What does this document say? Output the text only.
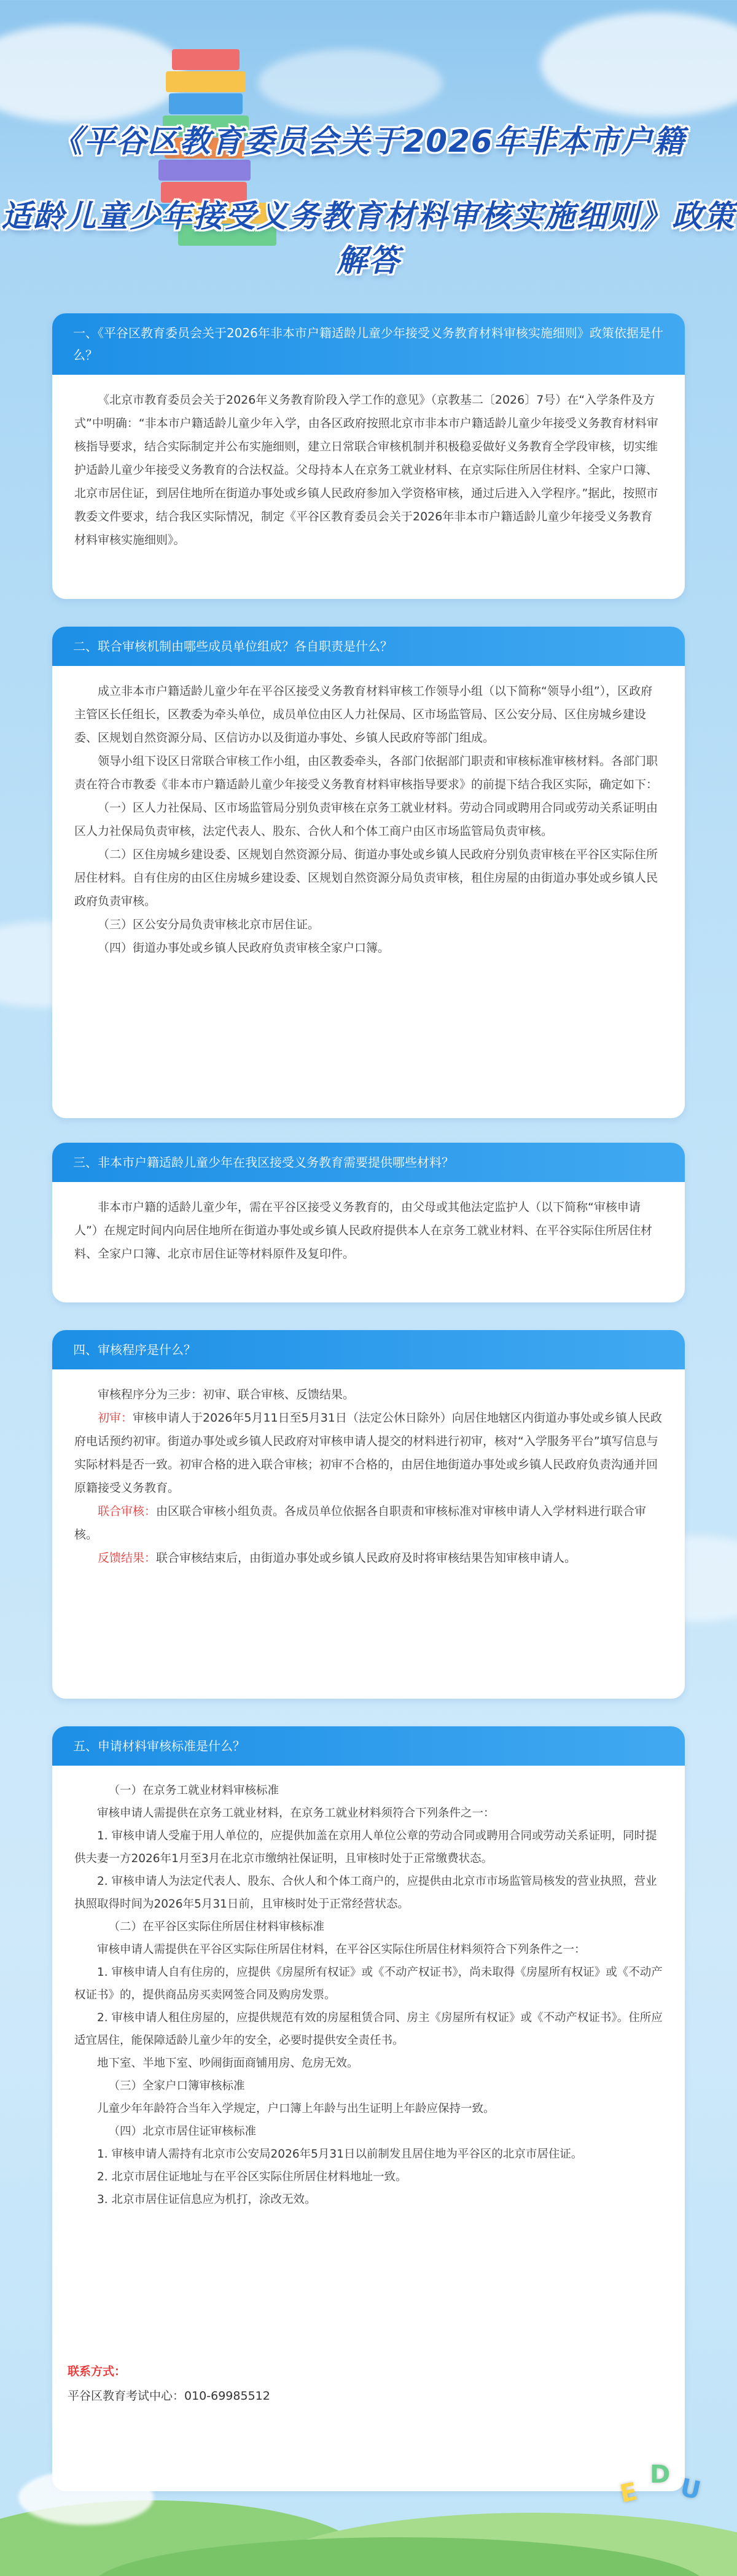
《平谷区教育委员会关于2026年非本市户籍
适龄儿童少年接受义务教育材料审核实施细则》政策解答
一、《平谷区教育委员会关于2026年非本市户籍适龄儿童少年接受义务教育材料审核实施细则》政策依据是什么？

《北京市教育委员会关于2026年义务教育阶段入学工作的意见》（京教基二〔2026〕7号）在“入学条件及方式”中明确：“非本市户籍适龄儿童少年入学，由各区政府按照北京市非本市户籍适龄儿童少年接受义务教育材料审核指导要求，结合实际制定并公布实施细则，建立日常联合审核机制并积极稳妥做好义务教育全学段审核，切实维护适龄儿童少年接受义务教育的合法权益。父母持本人在京务工就业材料、在京实际住所居住材料、全家户口簿、北京市居住证，到居住地所在街道办事处或乡镇人民政府参加入学资格审核，通过后进入入学程序。”据此，按照市教委文件要求，结合我区实际情况，制定《平谷区教育委员会关于2026年非本市户籍适龄儿童少年接受义务教育材料审核实施细则》。

二、联合审核机制由哪些成员单位组成？各自职责是什么？

成立非本市户籍适龄儿童少年在平谷区接受义务教育材料审核工作领导小组（以下简称“领导小组”），区政府主管区长任组长，区教委为牵头单位，成员单位由区人力社保局、区市场监管局、区公安分局、区住房城乡建设委、区规划自然资源分局、区信访办以及街道办事处、乡镇人民政府等部门组成。

领导小组下设区日常联合审核工作小组，由区教委牵头，各部门依据部门职责和审核标准审核材料。各部门职责在符合市教委《非本市户籍适龄儿童少年接受义务教育材料审核指导要求》的前提下结合我区实际，确定如下：

（一）区人力社保局、区市场监管局分别负责审核在京务工就业材料。劳动合同或聘用合同或劳动关系证明由区人力社保局负责审核，法定代表人、股东、合伙人和个体工商户由区市场监管局负责审核。

（二）区住房城乡建设委、区规划自然资源分局、街道办事处或乡镇人民政府分别负责审核在平谷区实际住所居住材料。自有住房的由区住房城乡建设委、区规划自然资源分局负责审核，租住房屋的由街道办事处或乡镇人民政府负责审核。

（三）区公安分局负责审核北京市居住证。

（四）街道办事处或乡镇人民政府负责审核全家户口簿。

三、非本市户籍适龄儿童少年在我区接受义务教育需要提供哪些材料？

非本市户籍的适龄儿童少年，需在平谷区接受义务教育的，由父母或其他法定监护人（以下简称“审核申请人”）在规定时间内向居住地所在街道办事处或乡镇人民政府提供本人在京务工就业材料、在平谷实际住所居住材料、全家户口簿、北京市居住证等材料原件及复印件。

四、审核程序是什么？

审核程序分为三步：初审、联合审核、反馈结果。

初审：审核申请人于2026年5月11日至5月31日（法定公休日除外）向居住地辖区内街道办事处或乡镇人民政府电话预约初审。街道办事处或乡镇人民政府对审核申请人提交的材料进行初审，核对“入学服务平台”填写信息与实际材料是否一致。初审合格的进入联合审核；初审不合格的，由居住地街道办事处或乡镇人民政府负责沟通并回原籍接受义务教育。

联合审核：由区联合审核小组负责。各成员单位依据各自职责和审核标准对审核申请人入学材料进行联合审核。

反馈结果：联合审核结束后，由街道办事处或乡镇人民政府及时将审核结果告知审核申请人。

五、申请材料审核标准是什么？

（一）在京务工就业材料审核标准

审核申请人需提供在京务工就业材料，在京务工就业材料须符合下列条件之一：

1. 审核申请人受雇于用人单位的，应提供加盖在京用人单位公章的劳动合同或聘用合同或劳动关系证明，同时提供夫妻一方2026年1月至3月在北京市缴纳社保证明，且审核时处于正常缴费状态。

2. 审核申请人为法定代表人、股东、合伙人和个体工商户的，应提供由北京市市场监管局核发的营业执照，营业执照取得时间为2026年5月31日前，且审核时处于正常经营状态。

（二）在平谷区实际住所居住材料审核标准

审核申请人需提供在平谷区实际住所居住材料，在平谷区实际住所居住材料须符合下列条件之一：

1. 审核申请人自有住房的，应提供《房屋所有权证》或《不动产权证书》，尚未取得《房屋所有权证》或《不动产权证书》的，提供商品房买卖网签合同及购房发票。

2. 审核申请人租住房屋的，应提供规范有效的房屋租赁合同、房主《房屋所有权证》或《不动产权证书》。住所应适宜居住，能保障适龄儿童少年的安全，必要时提供安全责任书。

地下室、半地下室、吵闹街面商铺用房、危房无效。

（三）全家户口簿审核标准

儿童少年年龄符合当年入学规定，户口簿上年龄与出生证明上年龄应保持一致。

（四）北京市居住证审核标准

1. 审核申请人需持有北京市公安局2026年5月31日以前制发且居住地为平谷区的北京市居住证。

2. 北京市居住证地址与在平谷区实际住所居住材料地址一致。

3. 北京市居住证信息应为机打，涂改无效。

联系方式：
平谷区教育考试中心：010-69985512
E
D U
